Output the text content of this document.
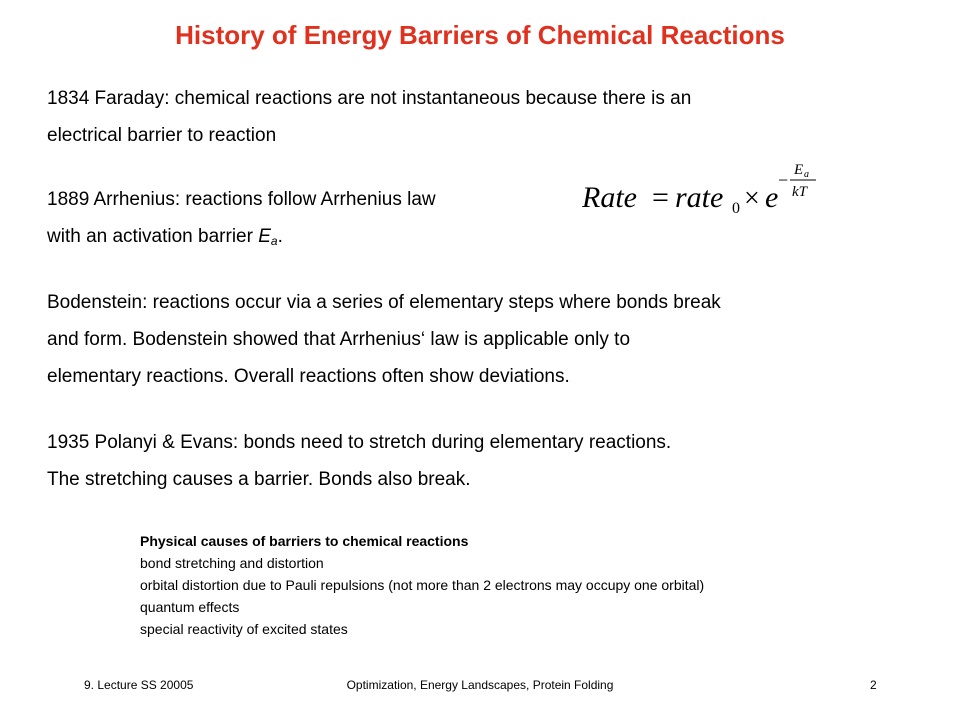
History of Energy Barriers of Chemical Reactions
1834 Faraday: chemical reactions are not instantaneous because there is an
electrical barrier to reaction
1889 Arrhenius: reactions follow Arrhenius law
with an activation barrier $E_a$.
Rate = rate 0 × e
− E a
kT
Bodenstein: reactions occur via a series of elementary steps where bonds break
and form. Bodenstein showed that Arrhenius‘ law is applicable only to
elementary reactions. Overall reactions often show deviations.
1935 Polanyi & Evans: bonds need to stretch during elementary reactions.
The stretching causes a barrier. Bonds also break.
Physical causes of barriers to chemical reactions
bond stretching and distortion
orbital distortion due to Pauli repulsions (not more than 2 electrons may occupy one orbital)
quantum effects
special reactivity of excited states
9. Lecture SS 20005	Optimization, Energy Landscapes, Protein Folding	2
